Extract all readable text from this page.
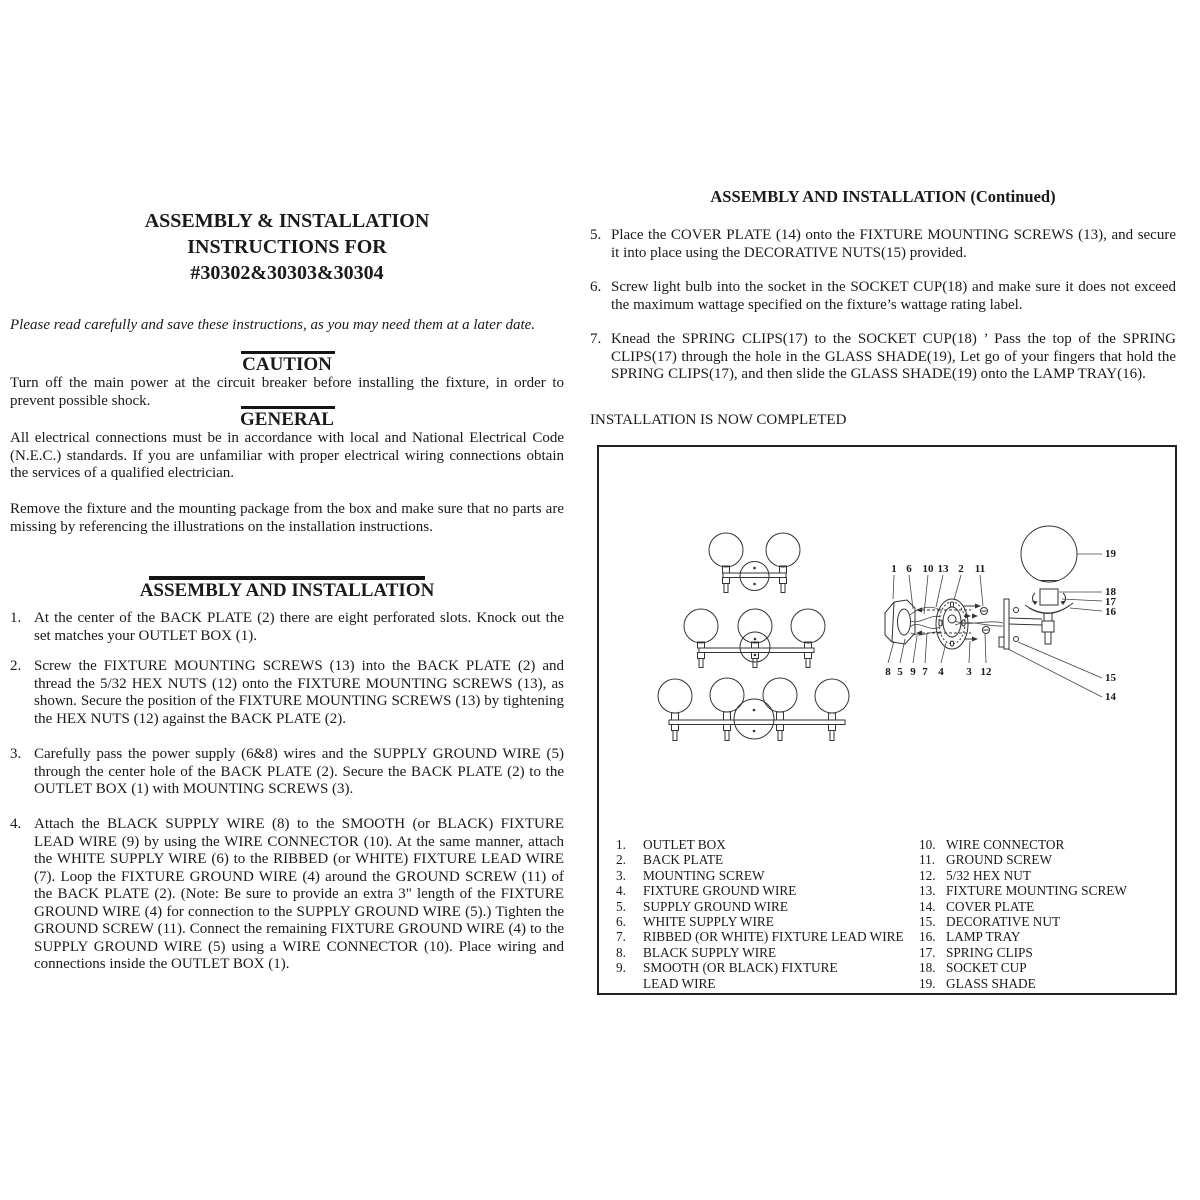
ASSEMBLY & INSTALLATION
INSTRUCTIONS FOR
#30302&30303&30304
Please read carefully and save these instructions, as you may need them at a later date.
CAUTION
Turn off the main power at the circuit breaker before installing the fixture, in order to prevent possible shock.
GENERAL
All electrical connections must be in accordance with local and National Electrical Code (N.E.C.) standards. If you are unfamiliar with proper electrical wiring connections obtain the services of a qualified electrician.
Remove the fixture and the mounting package from the box and make sure that no parts are missing by referencing the illustrations on the installation instructions.
ASSEMBLY AND INSTALLATION
1. At the center of the BACK PLATE (2) there are eight perforated slots. Knock out the set matches your OUTLET BOX (1).
2. Screw the FIXTURE MOUNTING SCREWS (13) into the BACK PLATE (2) and thread the 5/32 HEX NUTS (12) onto the FIXTURE MOUNTING SCREWS (13), as shown. Secure the position of the FIXTURE MOUNTING SCREWS (13) by tightening the HEX NUTS (12) against the BACK PLATE (2).
3. Carefully pass the power supply (6&8) wires and the SUPPLY GROUND WIRE (5) through the center hole of the BACK PLATE (2). Secure the BACK PLATE (2) to the OUTLET BOX (1) with MOUNTING SCREWS (3).
4. Attach the BLACK SUPPLY WIRE (8) to the SMOOTH (or BLACK) FIXTURE LEAD WIRE (9) by using the WIRE CONNECTOR (10). At the same manner, attach the WHITE SUPPLY WIRE (6) to the RIBBED (or WHITE) FIXTURE LEAD WIRE (7). Loop the FIXTURE GROUND WIRE (4) around the GROUND SCREW (11) of the BACK PLATE (2). (Note: Be sure to provide an extra 3" length of the FIXTURE GROUND WIRE (4) for connection to the SUPPLY GROUND WIRE (5).) Tighten the GROUND SCREW (11). Connect the remaining FIXTURE GROUND WIRE (4) to the SUPPLY GROUND WIRE (5) using a WIRE CONNECTOR (10). Place wiring and connections inside the OUTLET BOX (1).
ASSEMBLY AND INSTALLATION (Continued)
5. Place the COVER PLATE (14) onto the FIXTURE MOUNTING SCREWS (13), and secure it into place using the DECORATIVE NUTS(15) provided.
6. Screw light bulb into the socket in the SOCKET CUP(18) and make sure it does not exceed the maximum wattage specified on the fixture’s wattage rating label.
7. Knead the SPRING CLIPS(17) to the SOCKET CUP(18) ’ Pass the top of the SPRING CLIPS(17) through the hole in the GLASS SHADE(19), Let go of your fingers that hold the SPRING CLIPS(17), and then slide the GLASS SHADE(19) onto the LAMP TRAY(16).
INSTALLATION IS NOW COMPLETED
1 6 10 13 2 11
8 5 9 7 4 3 12
19
18
17
16
15
14
1.	OUTLET BOX
2.	BACK PLATE
3.	MOUNTING SCREW
4.	FIXTURE GROUND WIRE
5.	SUPPLY GROUND WIRE
6.	WHITE SUPPLY WIRE
7.	RIBBED (OR WHITE) FIXTURE LEAD WIRE
8.	BLACK SUPPLY WIRE
9.	SMOOTH (OR BLACK) FIXTURE LEAD WIRE
10. WIRE CONNECTOR
11. GROUND SCREW
12. 5/32 HEX NUT
13. FIXTURE MOUNTING SCREW
14. COVER PLATE
15. DECORATIVE NUT
16. LAMP TRAY
17. SPRING CLIPS
18. SOCKET CUP
19. GLASS SHADE
